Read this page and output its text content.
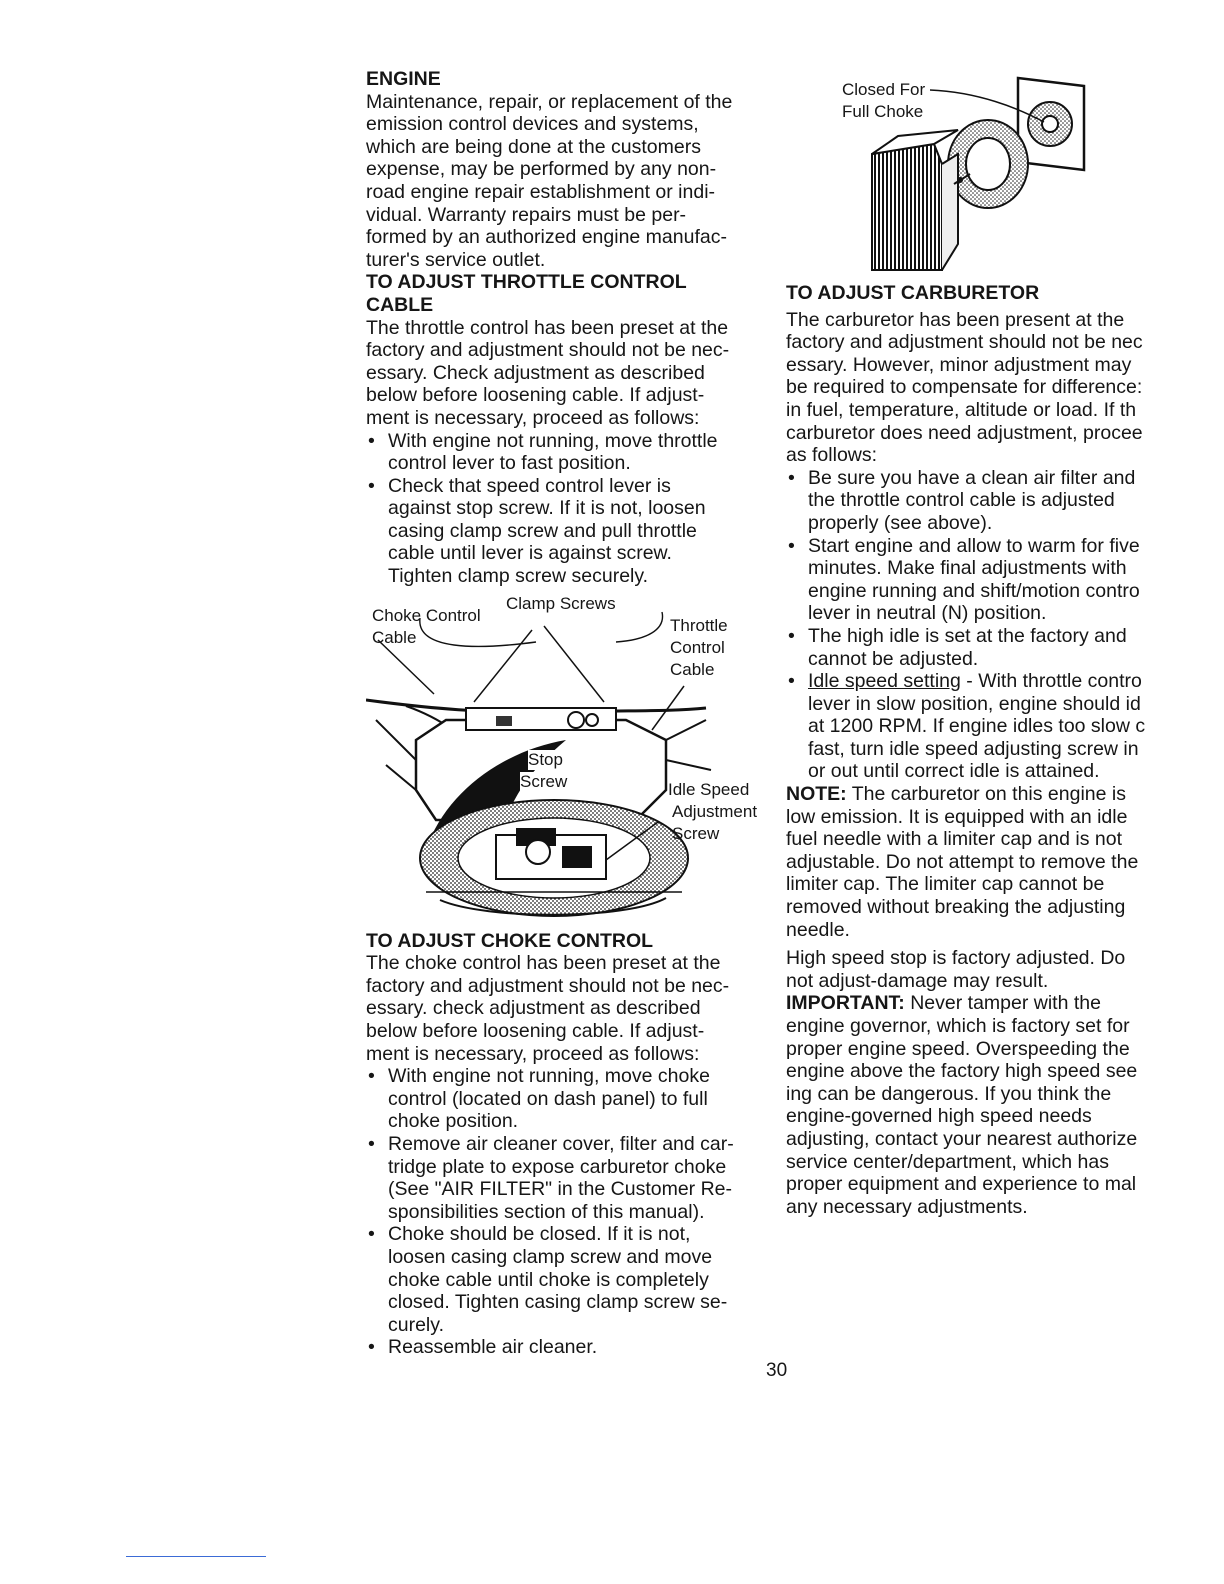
ENGINE
Maintenance, repair, or replacement of the
emission control devices and systems,
which are being done at the customers
expense, may be performed by any non-
road engine repair establishment or indi-
vidual. Warranty repairs must be per-
formed by an authorized engine manufac-
turer's service outlet.
TO ADJUST THROTTLE CONTROL
CABLE
The throttle control has been preset at the
factory and adjustment should not be nec-
essary. Check adjustment as described
below before loosening cable. If adjust-
ment is necessary, proceed as follows:
• With engine not running, move throttle
control lever to fast position.
• Check that speed control lever is
against stop screw. If it is not, loosen
casing clamp screw and pull throttle
cable until lever is against screw.
Tighten clamp screw securely.
Clamp Screws
Choke Control
Cable
Throttle
Control
Cable
Stop
Screw	Idle Speed
Adjustment
Screw
TO ADJUST CHOKE CONTROL
The choke control has been preset at the
factory and adjustment should not be nec-
essary. check adjustment as described
below before loosening cable. If adjust-
ment is necessary, proceed as follows:
• With engine not running, move choke
control (located on dash panel) to full
choke position.
• Remove air cleaner cover, filter and car-
tridge plate to expose carburetor choke
(See "AIR FILTER" in the Customer Re-
sponsibilities section of this manual).
• Choke should be closed. If it is not,
loosen casing clamp screw and move
choke cable until choke is completely
closed. Tighten casing clamp screw se-
curely.
• Reassemble air cleaner.
Closed For
Full Choke
TO ADJUST CARBURETOR
The carburetor has been present at the
factory and adjustment should not be nec
essary. However, minor adjustment may
be required to compensate for difference:
in fuel, temperature, altitude or load. If th
carburetor does need adjustment, procee
as follows:
• Be sure you have a clean air filter and
the throttle control cable is adjusted
properly (see above).
• Start engine and allow to warm for five
minutes. Make final adjustments with
engine running and shift/motion contro
lever in neutral (N) position.
• The high idle is set at the factory and
cannot be adjusted.
• Idle speed setting - With throttle contro
lever in slow position, engine should id
at 1200 RPM. If engine idles too slow c
fast, turn idle speed adjusting screw in
or out until correct idle is attained.
NOTE: The carburetor on this engine is
low emission. It is equipped with an idle
fuel needle with a limiter cap and is not
adjustable. Do not attempt to remove the
limiter cap. The limiter cap cannot be
removed without breaking the adjusting
needle.
High speed stop is factory adjusted. Do
not adjust-damage may result.
IMPORTANT: Never tamper with the
engine governor, which is factory set for
proper engine speed. Overspeeding the
engine above the factory high speed see
ing can be dangerous. If you think the
engine-governed high speed needs
adjusting, contact your nearest authorize
service center/department, which has
proper equipment and experience to mal
any necessary adjustments.
30
